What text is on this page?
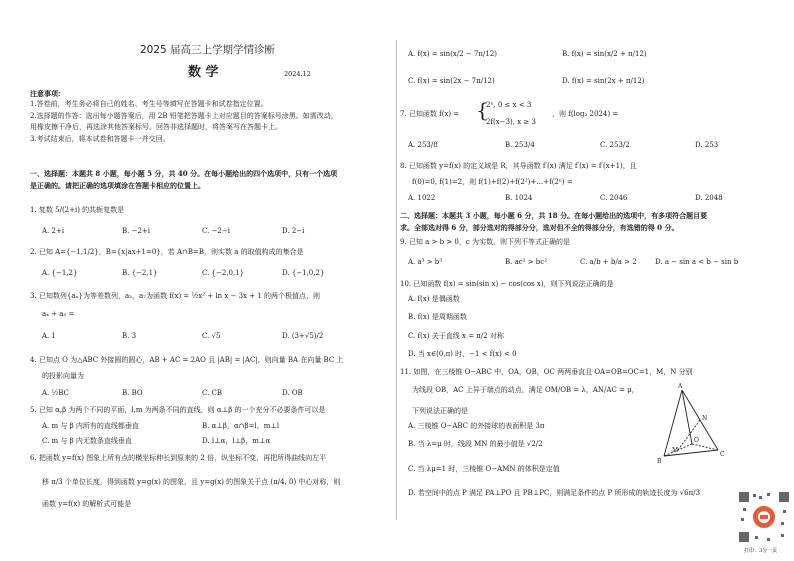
2025 届高三上学期学情诊断
数 学	2024.12
注意事项:
1.答卷前，考生务必将自己的姓名、考生号等填写在答题卡和试卷指定位置。
2.选择题的作答：选出每小题答案后，用 2B 铅笔把答题卡上对应题目的答案标号涂黑。如需改动，
用橡皮擦干净后，再选涂其他答案标号。回答非选择题时，将答案写在答题卡上。
3.考试结束后，将本试卷和答题卡一并交回。
一、选择题：本题共 8 小题，每小题 5 分，共 40 分。在每小题给出的四个选项中，只有一个选项
是正确的。请把正确的选项填涂在答题卡相应的位置上。
1. 复数 5/(2+i) 的共轭复数是
A. 2+i	B. −2+i	C. −2−i	D. 2−i
2. 已知 A={−1,1/2}，B={x|ax+1=0}，若 A∩B=B，则实数 a 的取值构成的集合是
A. {−1,2}	B. {−2,1}	C. {−2,0,1}	D. {−1,0,2}
3. 已知数列{aₙ}为等差数列，a₂，a₇为函数 f(x) = ½x² + ln x − 3x + 1 的两个极值点，则
a₄ + a₅ =
A. 1	B. 3	C. √5	D. (3+√5)/2
4. 已知点 O 为△ABC 外接圆的圆心，AB + AC = 2AO 且 |AB| = |AC|，则向量 BA 在向量 BC 上
的投影向量为
A. ½BC	B. BO	C. CB	D. OB
5. 已知 α,β 为两个不同的平面，l,m 为两条不同的直线，则 α⊥β 的一个充分不必要条件可以是
A. m 与 β 内所有的直线都垂直	B. α⊥β，α∩β=l，m⊥l
C. m 与 β 内无数条直线垂直	D. l⊥α，l⊥β，m⊥α
6. 把函数 y=f(x) 图象上所有点的横坐标伸长到原来的 2 倍，纵坐标不变，再把所得曲线向左平
移 π/3 个单位长度，得到函数 y=g(x) 的图象，且 y=g(x) 的图象关于点 (π/4, 0) 中心对称，则
函数 y=f(x) 的解析式可能是
A. f(x) = sin(x/2 − 7π/12)	B. f(x) = sin(x/2 + π/12)
C. f(x) = sin(2x − 7π/12)	D. f(x) = sin(2x + π/12)
7. 已知函数 f(x) = {
2ˣ, 0 ≤ x < 3
2f(x−3), x ≥ 3
，则 f(log₂ 2024) =
A. 253/8	B. 253/4	C. 253/2	D. 253
8. 已知函数 y=f(x) 的定义域是 R，其导函数 f′(x) 满足 f′(x) = f′(x+1)，且
f(0)=0, f(1)=2，则 f(1)+f(2)+f(2²)+…+f(2ⁿ) =
A. 1022	B. 1024	C. 2046	D. 2048
二、选择题：本题共 3 小题，每小题 6 分，共 18 分。在每小题给出的选项中，有多项符合题目要
求。全部选对得 6 分，部分选对的得部分分，选对但不全的得部分分，有选错的得 0 分。
9. 已知 a > b > 0，c 为实数，则下列不等式正确的是
A. a³ > b³	B. ac² > bc²	C. a/b + b/a > 2	D. a − sin a < b − sin b
10. 已知函数 f(x) = sin(sin x) − cos(cos x)，则下列说法正确的是
A. f(x) 是偶函数
B. f(x) 是周期函数
C. f(x) 关于直线 x = π/2 对称
D. 当 x∈(0,π) 时，−1 < f(x) < 0
11. 如图，在三棱锥 O−ABC 中，OA，OB，OC 两两垂直且 OA=OB=OC=1，M，N 分别
为线段 OB，AC 上异于端点的动点，满足 OM/OB = λ，AN/AC = μ，
下列说法正确的是
A. 三棱锥 O−ABC 的外接球的表面积是 3π
B. 当 λ=μ 时，线段 MN 的最小值是 √2/2
C. 当 λμ=1 时，三棱锥 O−AMN 的体积是定值
D. 若空间中的点 P 满足 PA⊥PO 且 PB⊥PC，则满足条件的点 P 所形成的轨迹长度为 √6π/3
A
B
C
O
M
N
打印：3分一页
